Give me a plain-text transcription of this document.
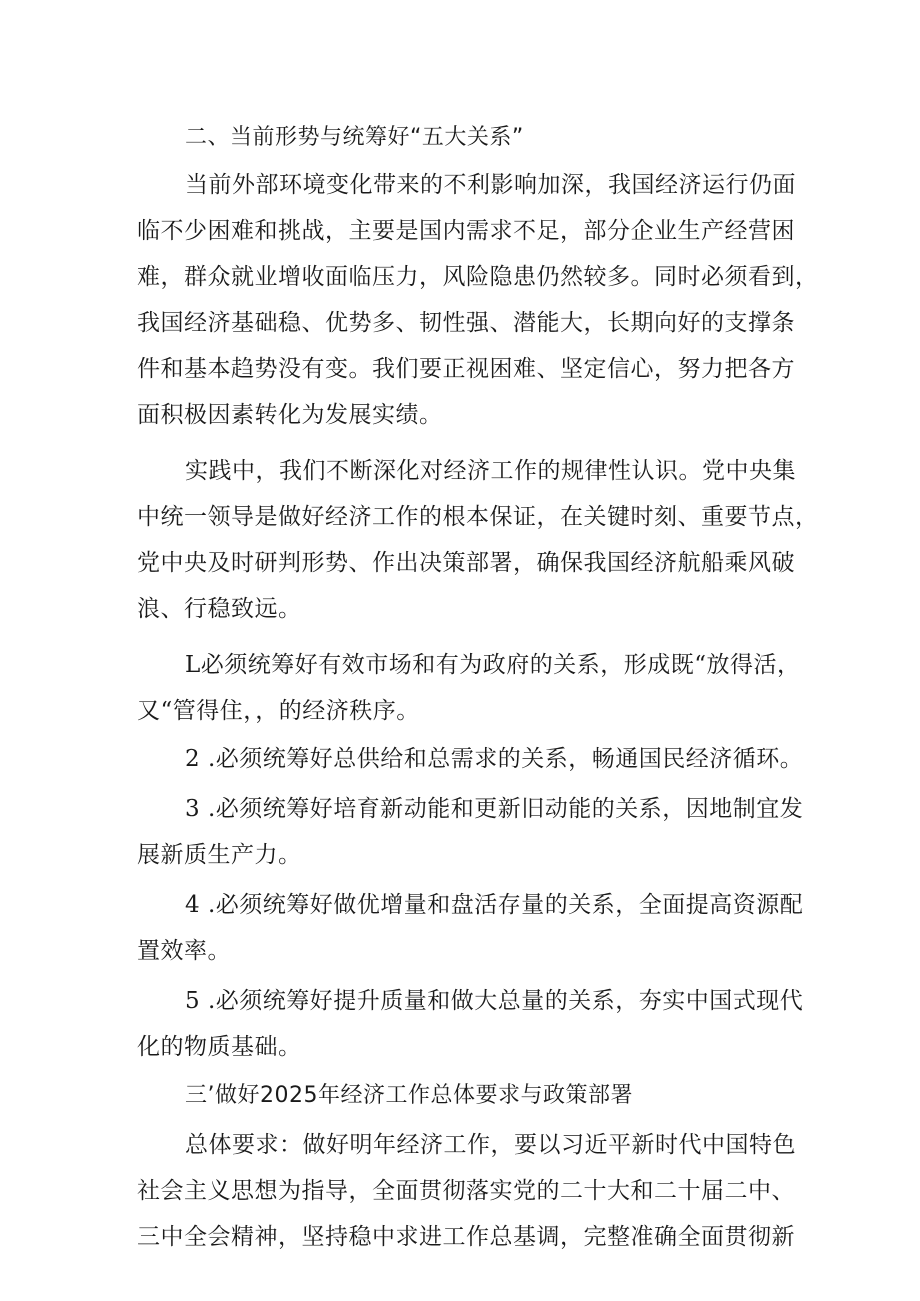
二、当前形势与统筹好“五大关系”
当前外部环境变化带来的不利影响加深，我国经济运行仍面
临不少困难和挑战，主要是国内需求不足，部分企业生产经营困
难，群众就业增收面临压力，风险隐患仍然较多。同时必须看到，
我国经济基础稳、优势多、韧性强、潜能大，长期向好的支撑条
件和基本趋势没有变。我们要正视困难、坚定信心，努力把各方
面积极因素转化为发展实绩。
实践中，我们不断深化对经济工作的规律性认识。党中央集
中统一领导是做好经济工作的根本保证，在关键时刻、重要节点，
党中央及时研判形势、作出决策部署，确保我国经济航船乘风破
浪、行稳致远。
L必须统筹好有效市场和有为政府的关系，形成既“放得活，
又“管得住，，的经济秩序。
2 .必须统筹好总供给和总需求的关系，畅通国民经济循环。
3 .必须统筹好培育新动能和更新旧动能的关系，因地制宜发
展新质生产力。
4 .必须统筹好做优增量和盘活存量的关系，全面提高资源配
置效率。
5 .必须统筹好提升质量和做大总量的关系，夯实中国式现代
化的物质基础。
三’做好2025年经济工作总体要求与政策部署
总体要求：做好明年经济工作，要以习近平新时代中国特色
社会主义思想为指导，全面贯彻落实党的二十大和二十届二中、
三中全会精神，坚持稳中求进工作总基调，完整准确全面贯彻新
